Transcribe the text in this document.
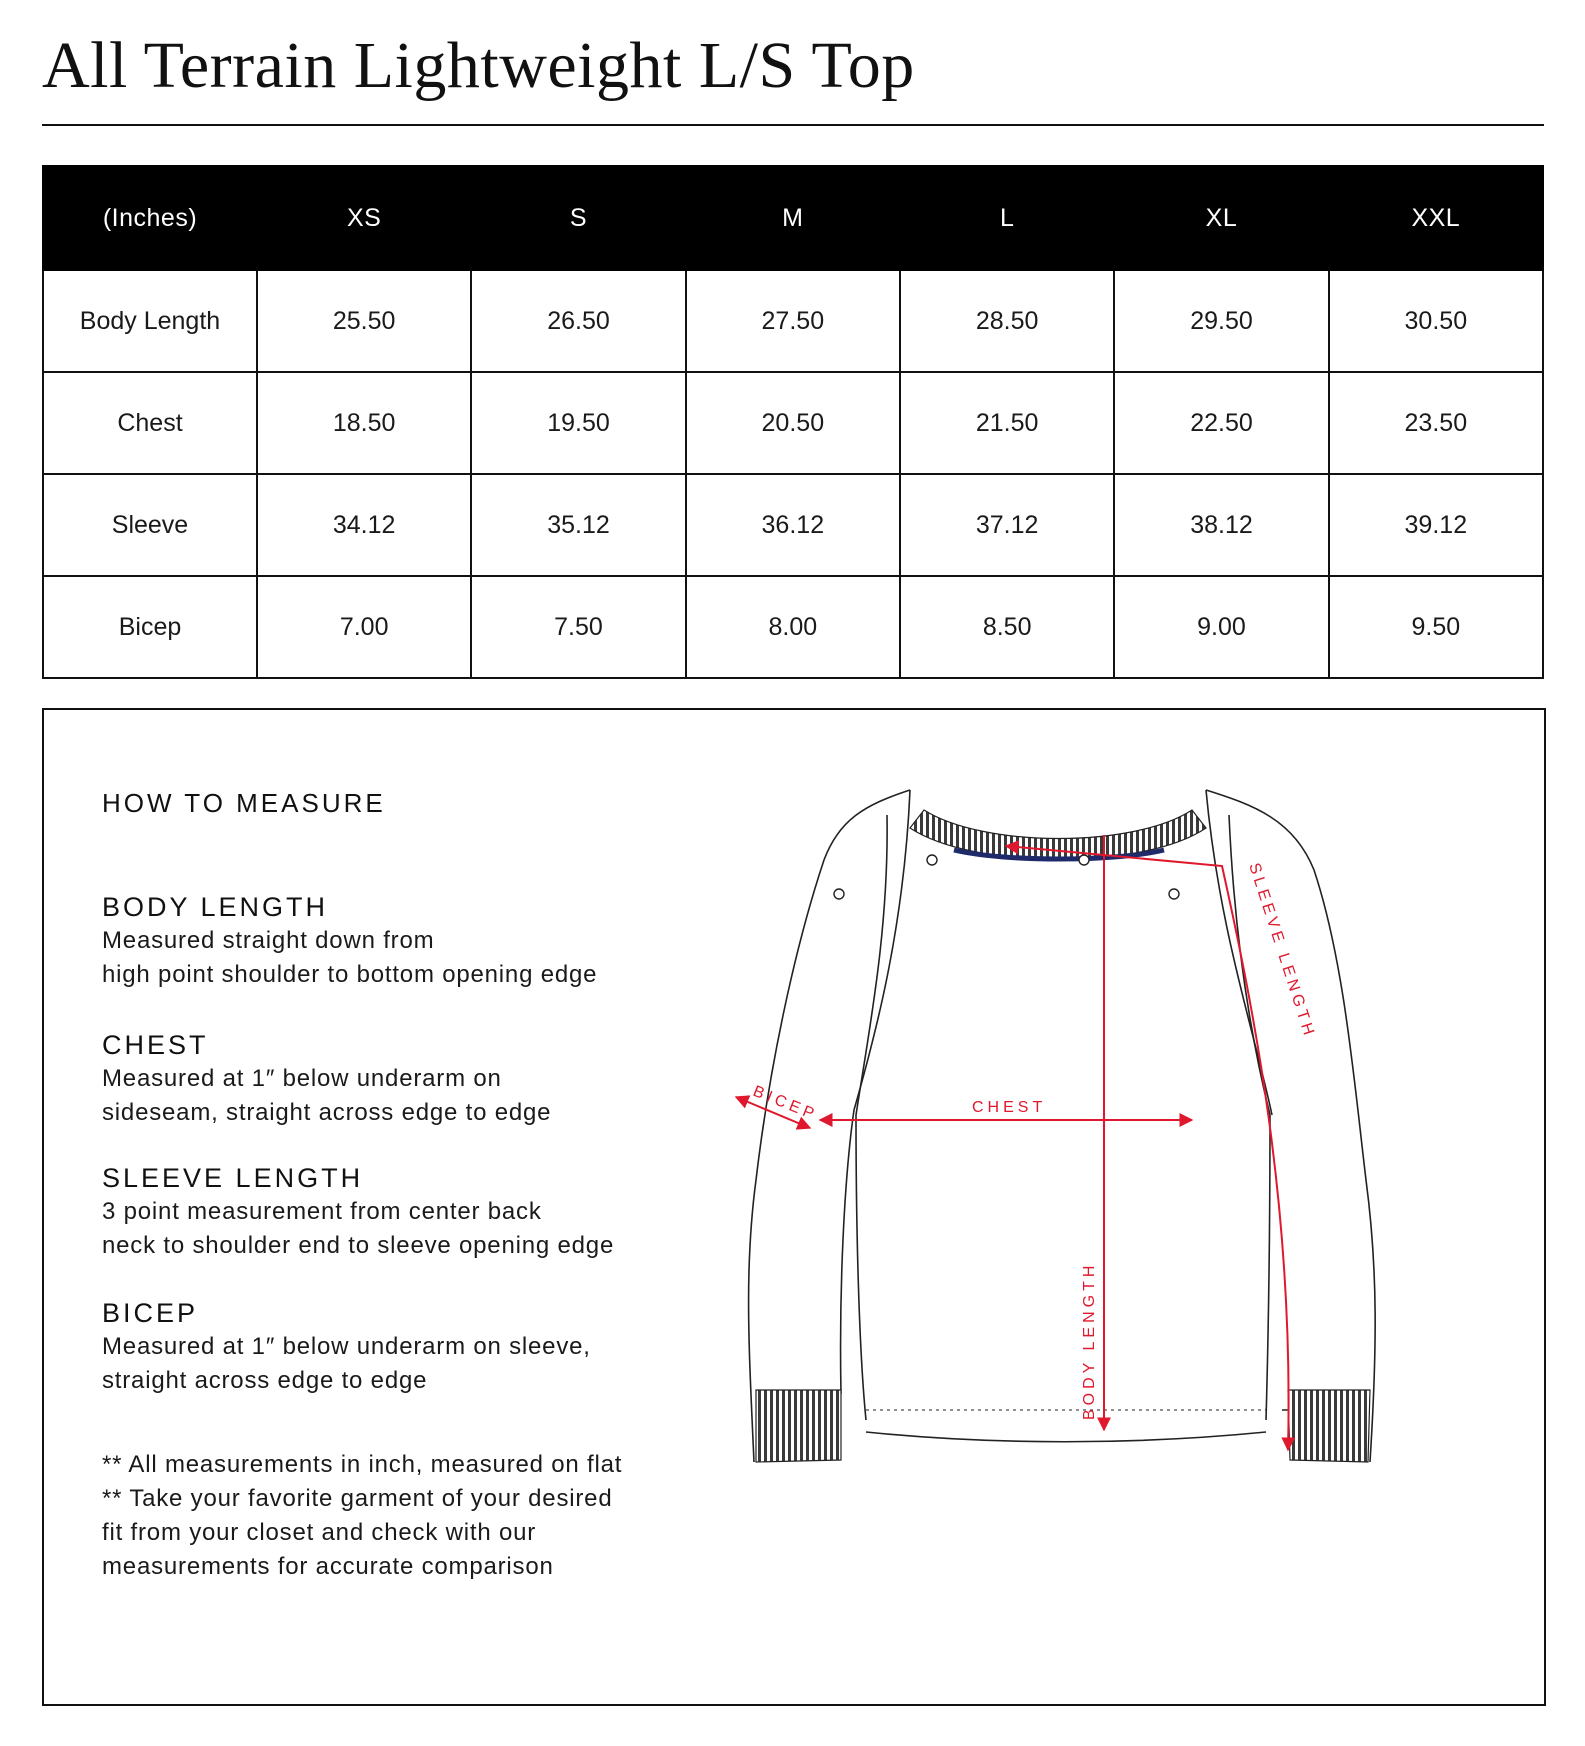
All Terrain Lightweight L/S Top
(Inches)	XS	S	M	L	XL	XXL
Body Length	25.50	26.50	27.50	28.50	29.50	30.50
Chest	18.50	19.50	20.50	21.50	22.50	23.50
Sleeve	34.12	35.12	36.12	37.12	38.12	39.12
Bicep	7.00	7.50	8.00	8.50	9.00	9.50
HOW TO MEASURE

BODY LENGTH

Measured straight down from

high point shoulder to bottom opening edge

CHEST

Measured at 1″ below underarm on

sideseam, straight across edge to edge

SLEEVE LENGTH

3 point measurement from center back

neck to shoulder end to sleeve opening edge

BICEP

Measured at 1″ below underarm on sleeve,

straight across edge to edge

** All measurements in inch, measured on flat

** Take your favorite garment of your desired

fit from your closet and check with our

measurements for accurate comparison

BICEP	CHEST
SLEEVE LENGTH
BODY LENGTH
